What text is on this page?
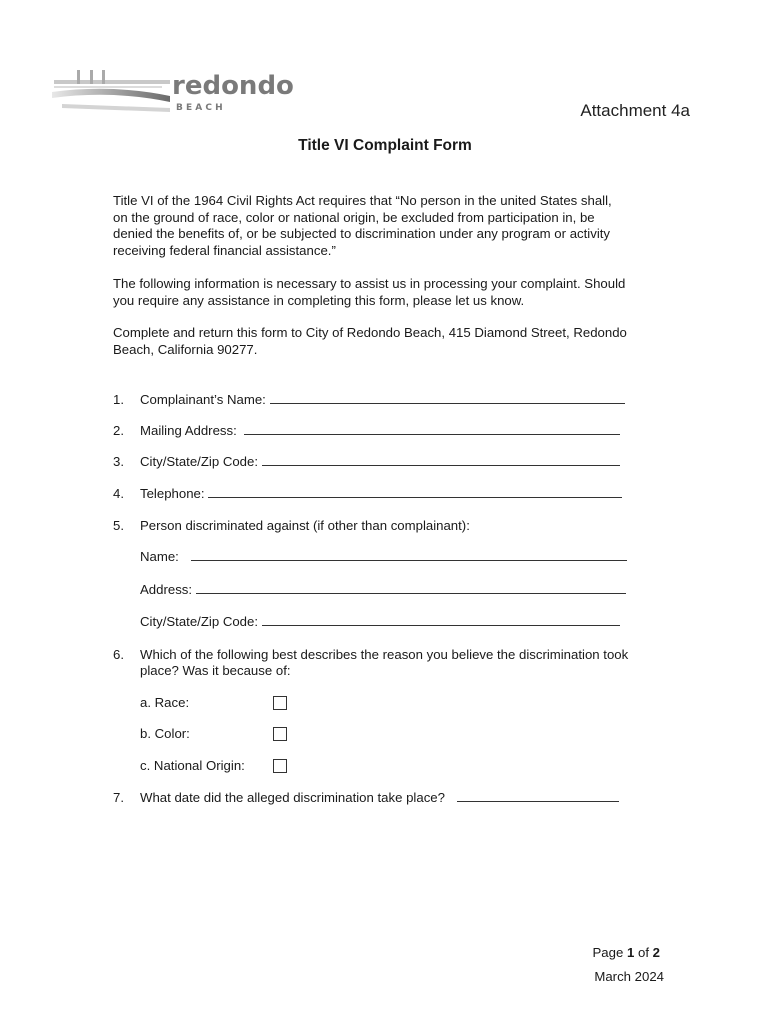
redondo
B E A C H	Attachment 4a
Title VI Complaint Form
Title VI of the 1964 Civil Rights Act requires that “No person in the united States shall,
on the ground of race, color or national origin, be excluded from participation in, be
denied the benefits of, or be subjected to discrimination under any program or activity
receiving federal financial assistance.”
The following information is necessary to assist us in processing your complaint. Should
you require any assistance in completing this form, please let us know.
Complete and return this form to City of Redondo Beach, 415 Diamond Street, Redondo
Beach, California 90277.
1. Complainant’s Name:
2. Mailing Address:
3. City/State/Zip Code:
4. Telephone:
5. Person discriminated against (if other than complainant):
Name:
Address:
City/State/Zip Code:
6. Which of the following best describes the reason you believe the discrimination took
place? Was it because of:
a. Race:
b. Color:
c. National Origin:
7. What date did the alleged discrimination take place?
Page 1 of 2
March 2024
